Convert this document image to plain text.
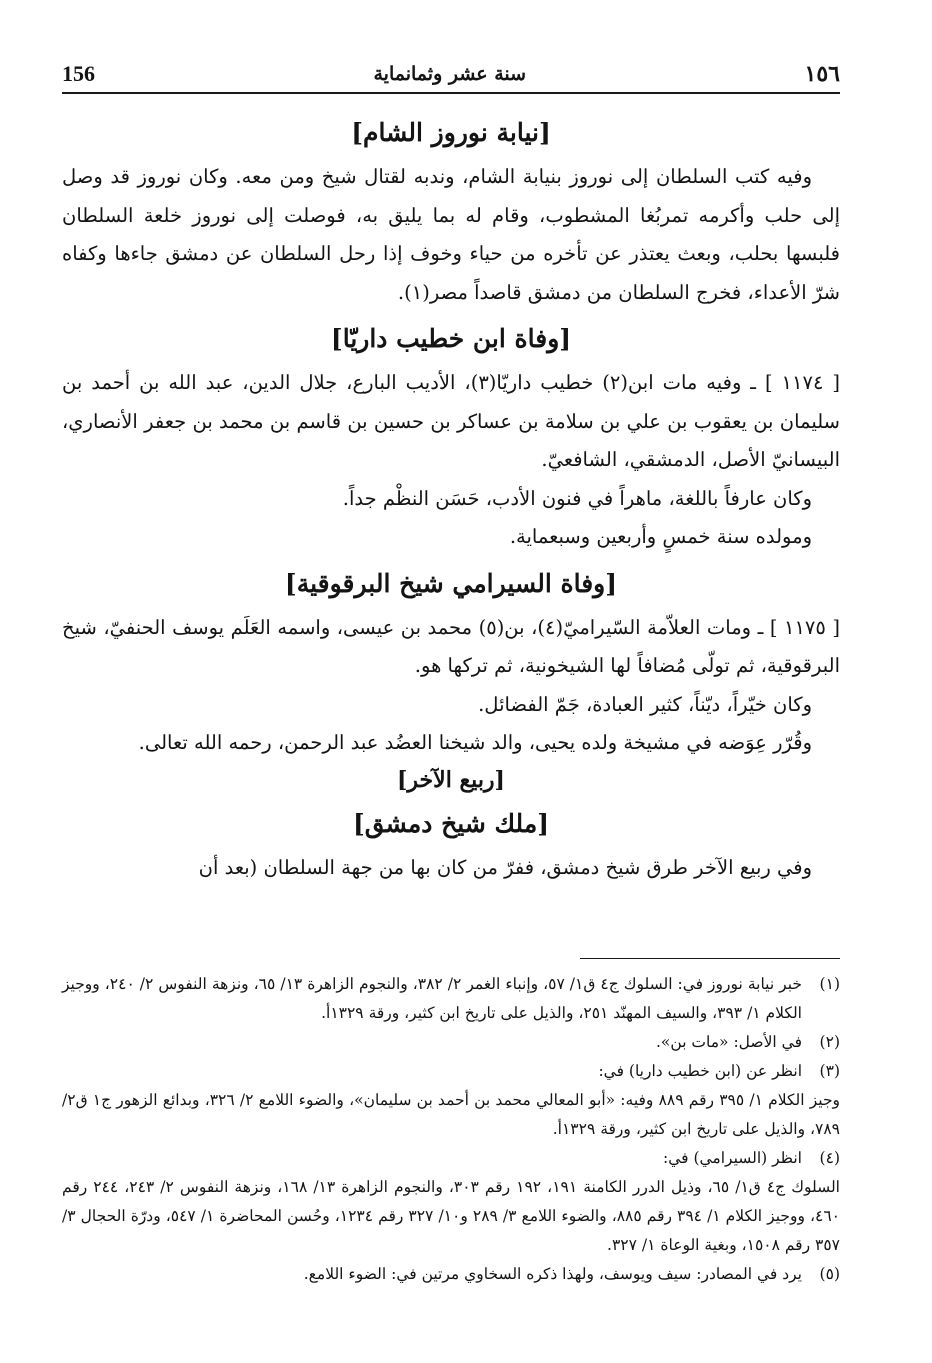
١٥٦
سنة عشر وثمانماية
156
[نيابة نوروز الشام]

وفيه كتب السلطان إلى نوروز بنيابة الشام، وندبه لقتال شيخ ومن معه. وكان نوروز قد وصل إلى حلب وأكرمه تمربُغا المشطوب، وقام له بما يليق به، فوصلت إلى نوروز خلعة السلطان فلبسها بحلب، وبعث يعتذر عن تأخره من حياء وخوف إذا رحل السلطان عن دمشق جاءها وكفاه شرّ الأعداء، فخرج السلطان من دمشق قاصداً مصر(١).

[وفاة ابن خطيب داريّا]

[ ١١٧٤ ] ـ وفيه مات ابن(٢) خطيب داريّا(٣)، الأديب البارع، جلال الدين، عبد الله بن أحمد بن سليمان بن يعقوب بن علي بن سلامة بن عساكر بن حسين بن قاسم بن محمد بن جعفر الأنصاري، البيسانيّ الأصل، الدمشقي، الشافعيّ.

وكان عارفاً باللغة، ماهراً في فنون الأدب، حَسَن النظْم جداً.

ومولده سنة خمسٍ وأربعين وسبعماية.

[وفاة السيرامي شيخ البرقوقية]

[ ١١٧٥ ] ـ ومات العلاّمة السّيراميّ(٤)، بن(٥) محمد بن عيسى، واسمه العَلَم يوسف الحنفيّ، شيخ البرقوقية، ثم تولّى مُضافاً لها الشيخونية، ثم تركها هو.

وكان خيّراً، ديّناً، كثير العبادة، جَمّ الفضائل.

وقُرّر عِوَضه في مشيخة ولده يحيى، والد شيخنا العضُد عبد الرحمن، رحمه الله تعالى.

[ربيع الآخر]
[ملك شيخ دمشق]

وفي ربيع الآخر طرق شيخ دمشق، ففرّ من كان بها من جهة السلطان (بعد أن

(١)
خبر نيابة نوروز في: السلوك ج٤ ق١/ ٥٧، وإنباء الغمر ٢/ ٣٨٢، والنجوم الزاهرة ١٣/ ٦٥، ونزهة النفوس ٢/ ٢٤٠، ووجيز الكلام ١/ ٣٩٣، والسيف المهنّد ٢٥١، والذيل على تاريخ ابن كثير، ورقة ١٣٢٩أ.
(٢)
في الأصل: «مات بن».
(٣)
انظر عن (ابن خطيب داريا) في:
وجيز الكلام ١/ ٣٩٥ رقم ٨٨٩ وفيه: «أبو المعالي محمد بن أحمد بن سليمان»، والضوء اللامع ٢/ ٣٢٦، وبدائع الزهور ج١ ق٢/ ٧٨٩، والذيل على تاريخ ابن كثير، ورقة ١٣٢٩أ.
(٤)
انظر (السيرامي) في:
السلوك ج٤ ق١/ ٦٥، وذيل الدرر الكامنة ١٩١، ١٩٢ رقم ٣٠٣، والنجوم الزاهرة ١٣/ ١٦٨، ونزهة النفوس ٢/ ٢٤٣، ٢٤٤ رقم ٤٦٠، ووجيز الكلام ١/ ٣٩٤ رقم ٨٨٥، والضوء اللامع ٣/ ٢٨٩ و١٠/ ٣٢٧ رقم ١٢٣٤، وحُسن المحاضرة ١/ ٥٤٧، ودرّة الحجال ٣/ ٣٥٧ رقم ١٥٠٨، وبغية الوعاة ١/ ٣٢٧.
(٥)
يرد في المصادر: سيف ويوسف، ولهذا ذكره السخاوي مرتين في: الضوء اللامع.
